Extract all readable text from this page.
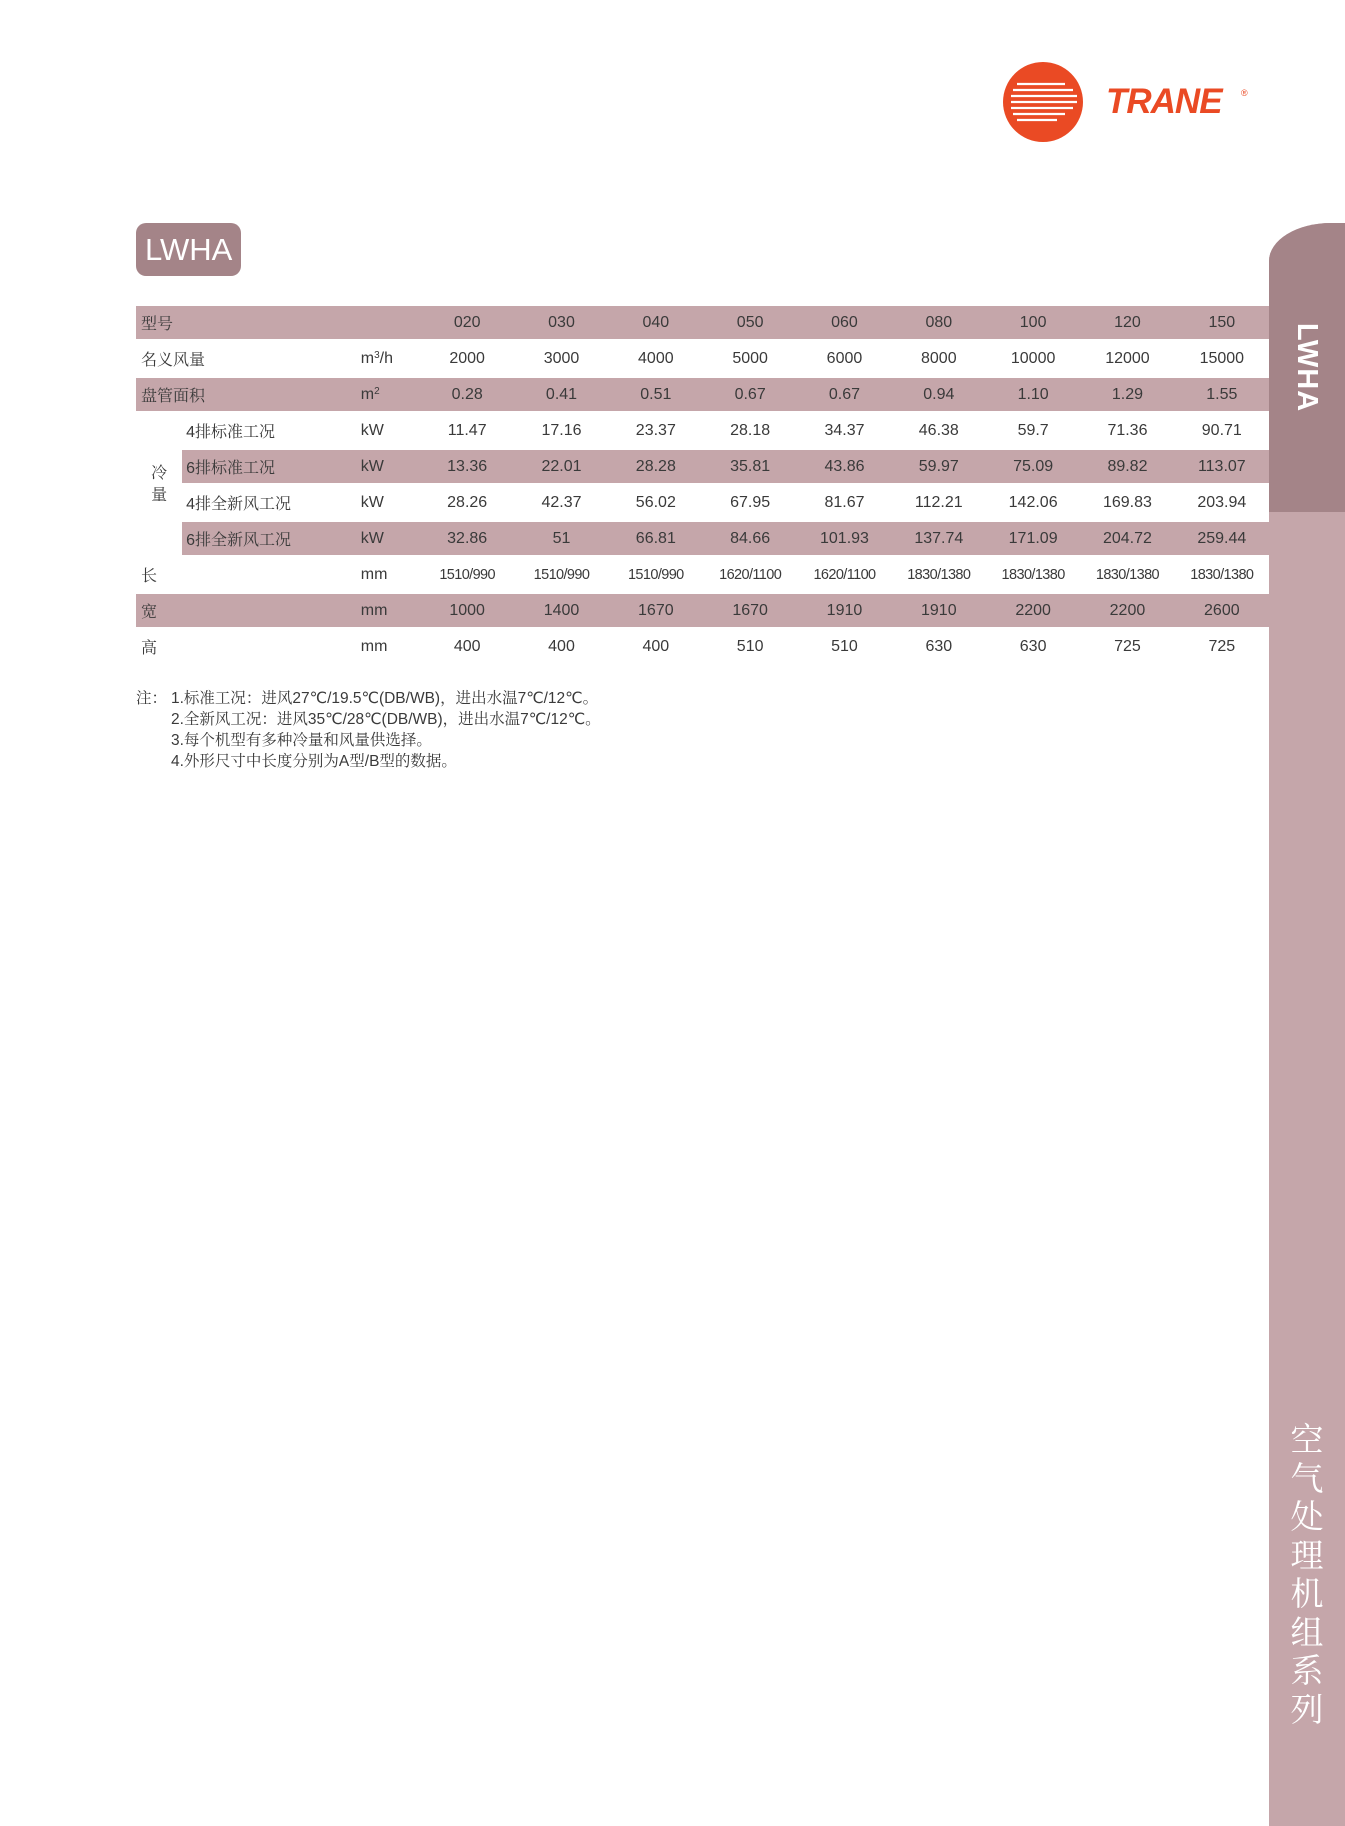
TRANE ®
LWHA
LWHA
空
气
处
理
机
组
系
列
型号			020	030	040	050	060	080	100	120	150
名义风量		$m^3/h$	2000	3000	4000	5000	6000	8000	10000	12000	15000
盘管面积		$m^2$	0.28	0.41	0.51	0.67	0.67	0.94	1.10	1.29	1.55

冷
量	4排标准工况	kW	11.47	17.16	23.37	28.18	34.37	46.38	59.7	71.36	90.71
	6排标准工况	kW	13.36	22.01	28.28	35.81	43.86	59.97	75.09	89.82	113.07
	4排全新风工况	kW	28.26	42.37	56.02	67.95	81.67	112.21	142.06	169.83	203.94
	6排全新风工况	kW	32.86	51	66.81	84.66	101.93	137.74	171.09	204.72	259.44
长		mm	1510/990	1510/990	1510/990	1620/1100	1620/1100	1830/1380	1830/1380	1830/1380	1830/1380
宽		mm	1000	1400	1670	1670	1910	1910	2200	2200	2600
高		mm	400	400	400	510	510	630	630	725	725
注： 1.标准工况：进风27℃/19.5℃(DB/WB)，进出水温7℃/12℃。
2.全新风工况：进风35℃/28℃(DB/WB)，进出水温7℃/12℃。
3.每个机型有多种冷量和风量供选择。
4.外形尺寸中长度分别为A型/B型的数据。
